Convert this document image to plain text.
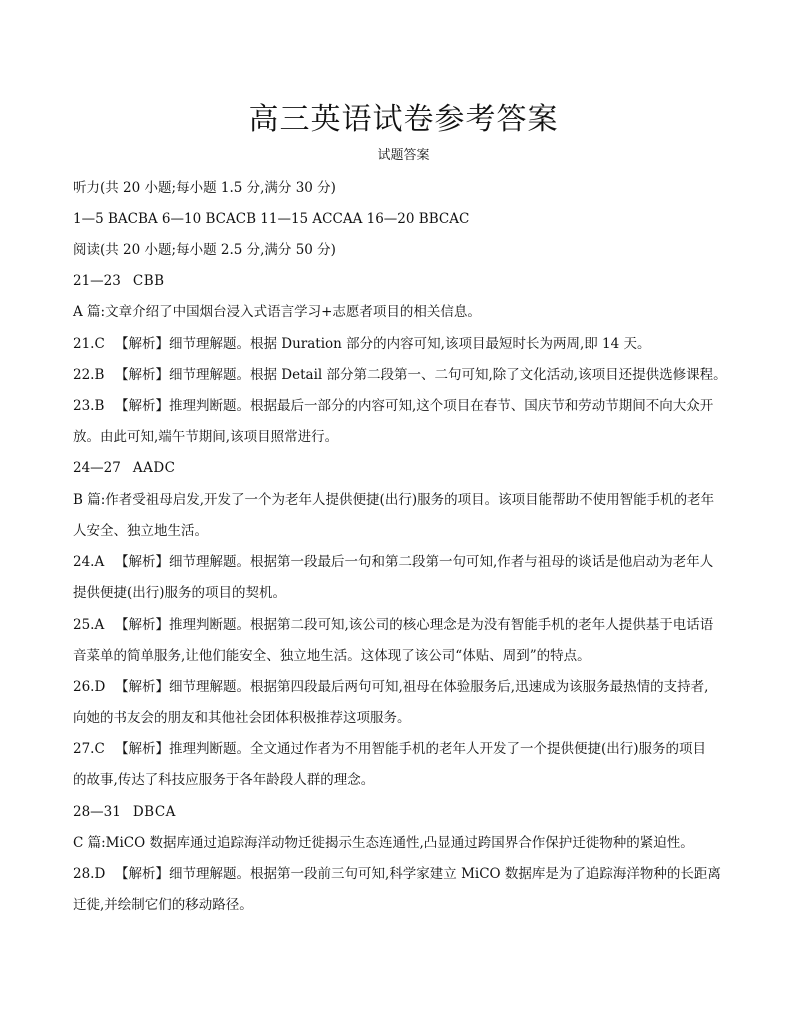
高三英语试卷参考答案
试题答案
听力(共 20 小题;每小题 1.5 分,满分 30 分)
1—5 BACBA 6—10 BCACB 11—15 ACCAA 16—20 BBCAC
阅读(共 20 小题;每小题 2.5 分,满分 50 分)
21—23 CBB
A 篇:文章介绍了中国烟台浸入式语言学习+志愿者项目的相关信息。
21.C 【解析】细节理解题。根据 Duration 部分的内容可知,该项目最短时长为两周,即 14 天。
22.B 【解析】细节理解题。根据 Detail 部分第二段第一、二句可知,除了文化活动,该项目还提供选修课程。
23.B 【解析】推理判断题。根据最后一部分的内容可知,这个项目在春节、国庆节和劳动节期间不向大众开
放。由此可知,端午节期间,该项目照常进行。
24—27 AADC
B 篇:作者受祖母启发,开发了一个为老年人提供便捷(出行)服务的项目。该项目能帮助不使用智能手机的老年
人安全、独立地生活。
24.A 【解析】细节理解题。根据第一段最后一句和第二段第一句可知,作者与祖母的谈话是他启动为老年人
提供便捷(出行)服务的项目的契机。
25.A 【解析】推理判断题。根据第二段可知,该公司的核心理念是为没有智能手机的老年人提供基于电话语
音菜单的简单服务,让他们能安全、独立地生活。这体现了该公司“体贴、周到”的特点。
26.D 【解析】细节理解题。根据第四段最后两句可知,祖母在体验服务后,迅速成为该服务最热情的支持者,
向她的书友会的朋友和其他社会团体积极推荐这项服务。
27.C 【解析】推理判断题。全文通过作者为不用智能手机的老年人开发了一个提供便捷(出行)服务的项目
的故事,传达了科技应服务于各年龄段人群的理念。
28—31 DBCA
C 篇:MiCO 数据库通过追踪海洋动物迁徙揭示生态连通性,凸显通过跨国界合作保护迁徙物种的紧迫性。
28.D 【解析】细节理解题。根据第一段前三句可知,科学家建立 MiCO 数据库是为了追踪海洋物种的长距离
迁徙,并绘制它们的移动路径。
